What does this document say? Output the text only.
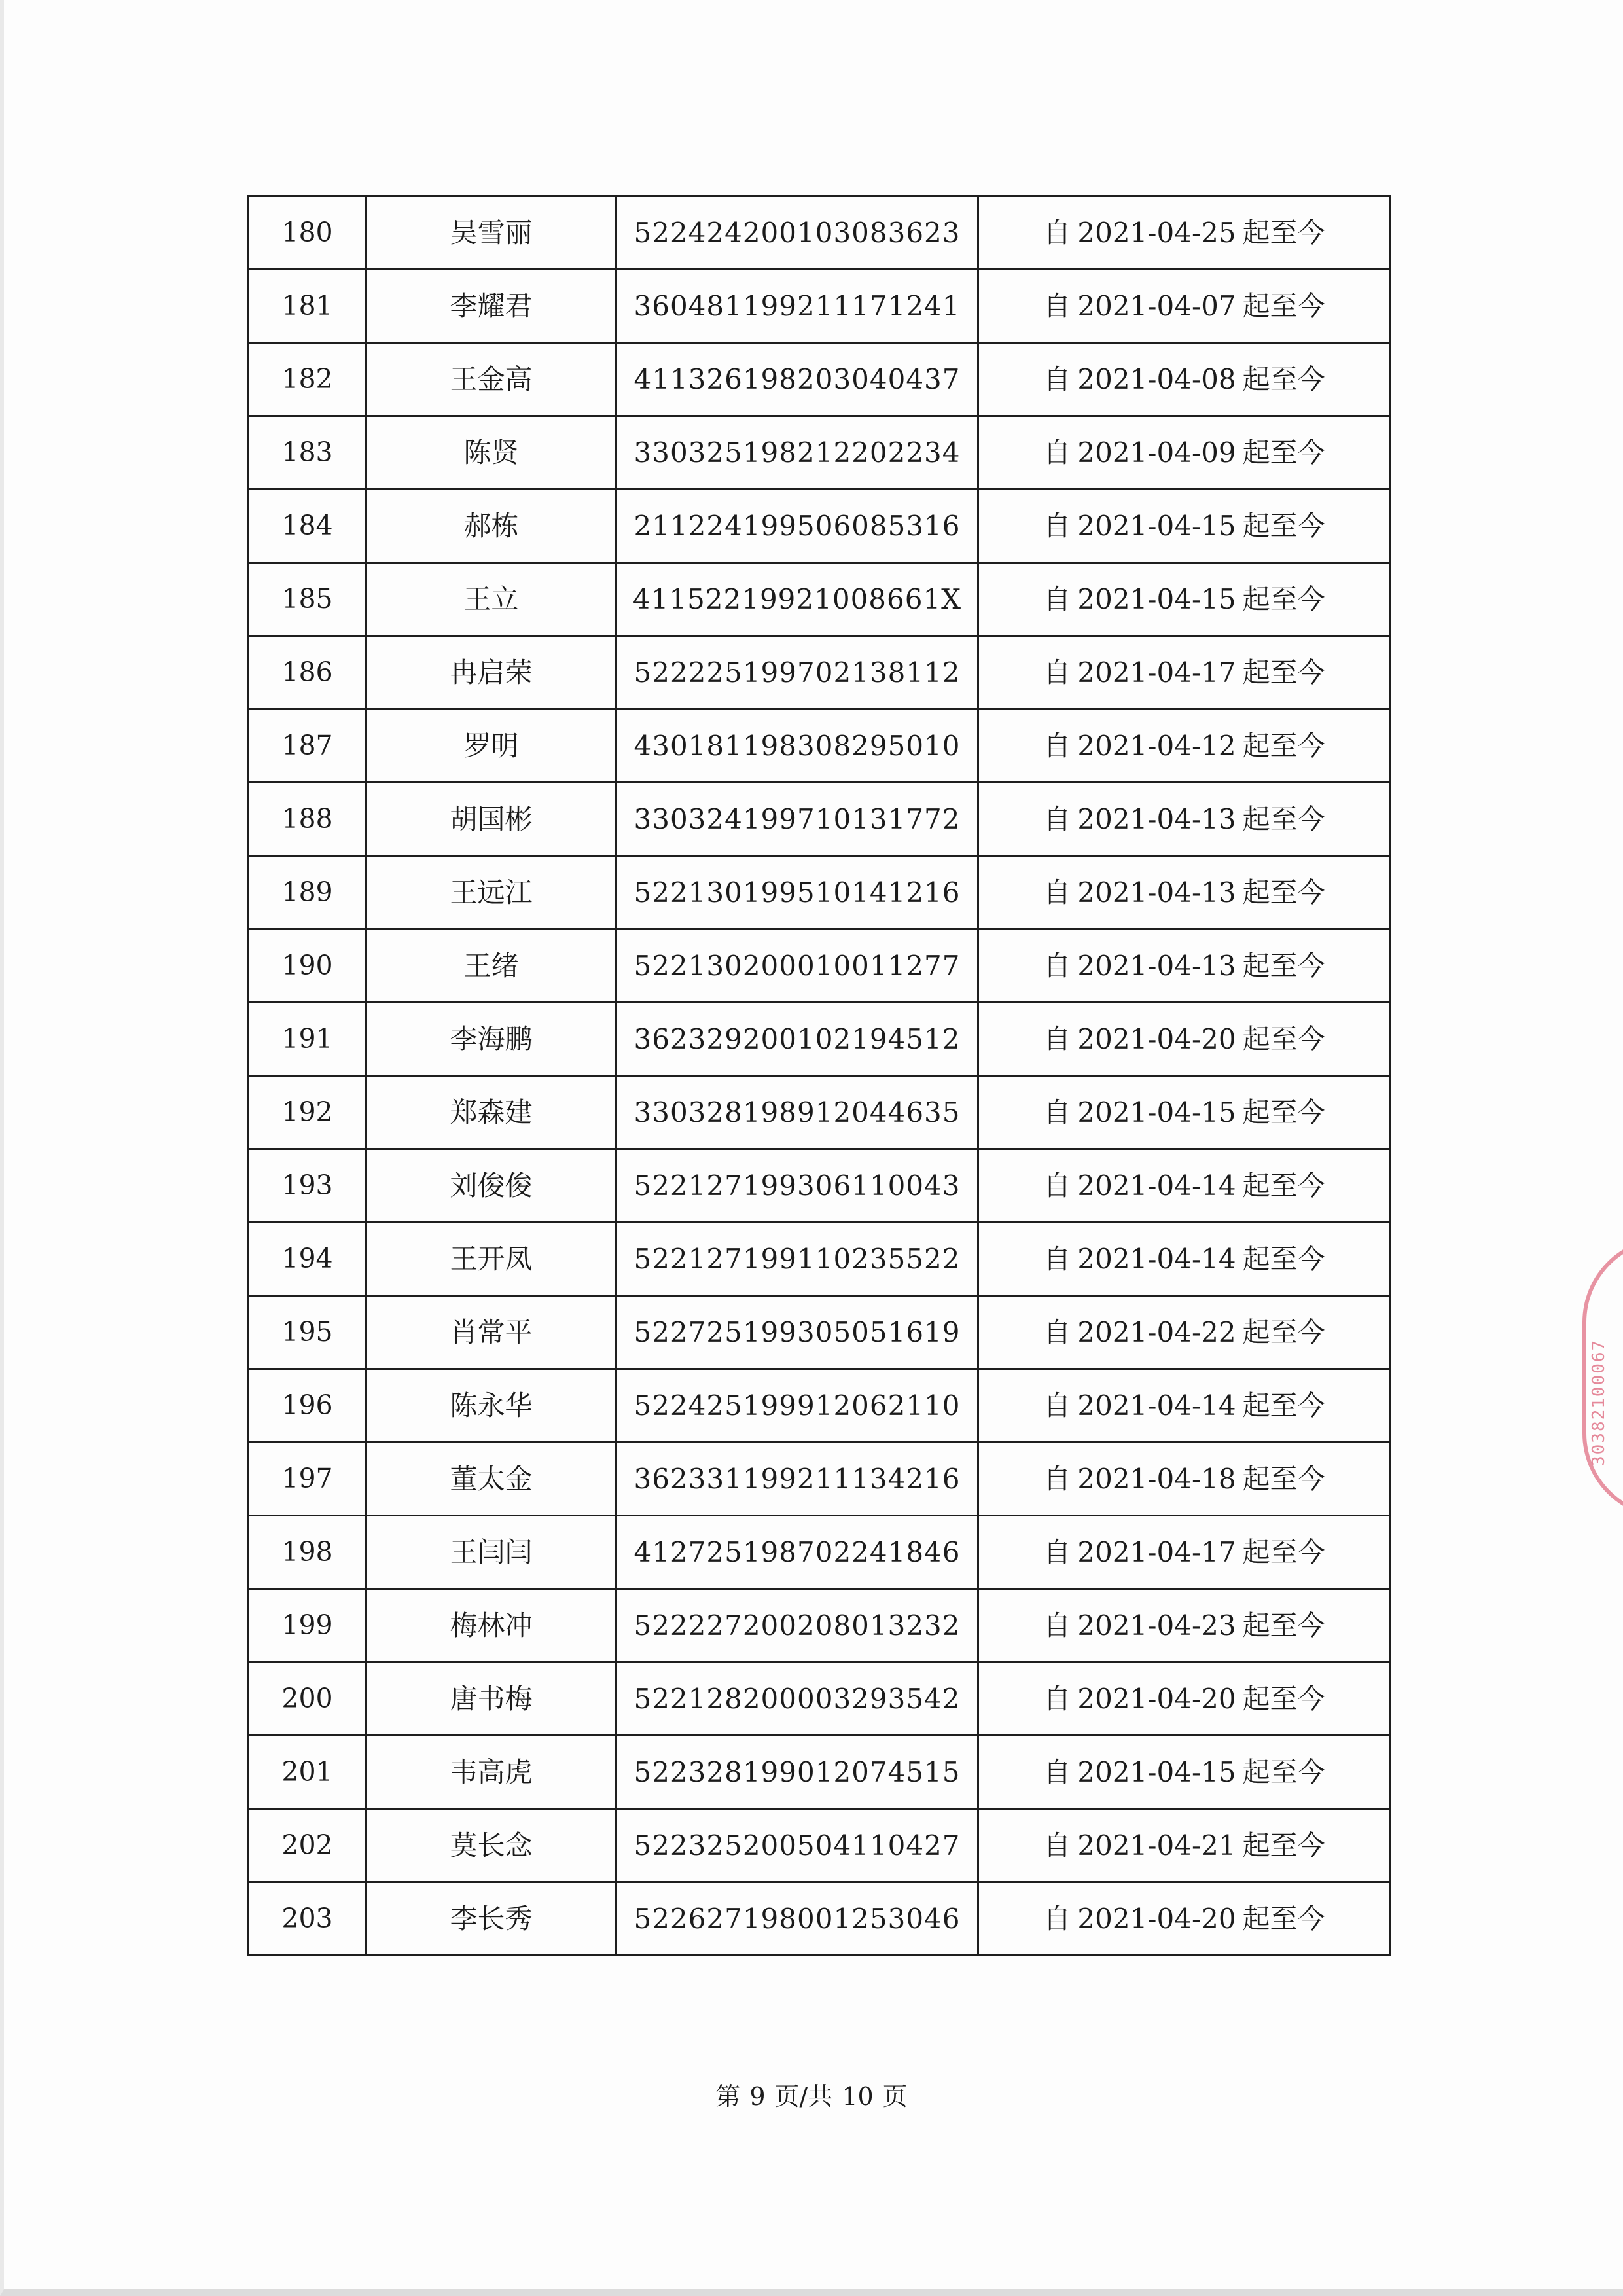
180	吴雪丽	522424200103083623	自 2021-04-25 起至今
181	李耀君	360481199211171241	自 2021-04-07 起至今
182	王金高	411326198203040437	自 2021-04-08 起至今
183	陈贤	330325198212202234	自 2021-04-09 起至今
184	郝栋	211224199506085316	自 2021-04-15 起至今
185	王立	41152219921008661X	自 2021-04-15 起至今
186	冉启荣	522225199702138112	自 2021-04-17 起至今
187	罗明	430181198308295010	自 2021-04-12 起至今
188	胡国彬	330324199710131772	自 2021-04-13 起至今
189	王远江	522130199510141216	自 2021-04-13 起至今
190	王绪	522130200010011277	自 2021-04-13 起至今
191	李海鹏	362329200102194512	自 2021-04-20 起至今
192	郑森建	330328198912044635	自 2021-04-15 起至今
193	刘俊俊	522127199306110043	自 2021-04-14 起至今
194	王开凤	522127199110235522	自 2021-04-14 起至今
195	肖常平	522725199305051619	自 2021-04-22 起至今
196	陈永华	522425199912062110	自 2021-04-14 起至今
197	董太金	362331199211134216	自 2021-04-18 起至今
198	王闫闫	412725198702241846	自 2021-04-17 起至今
199	梅林冲	522227200208013232	自 2021-04-23 起至今
200	唐书梅	522128200003293542	自 2021-04-20 起至今
201	韦高虎	522328199012074515	自 2021-04-15 起至今
202	莫长念	522325200504110427	自 2021-04-21 起至今
203	李长秀	522627198001253046	自 2021-04-20 起至今
第 9 页/共 10 页
30382100067
